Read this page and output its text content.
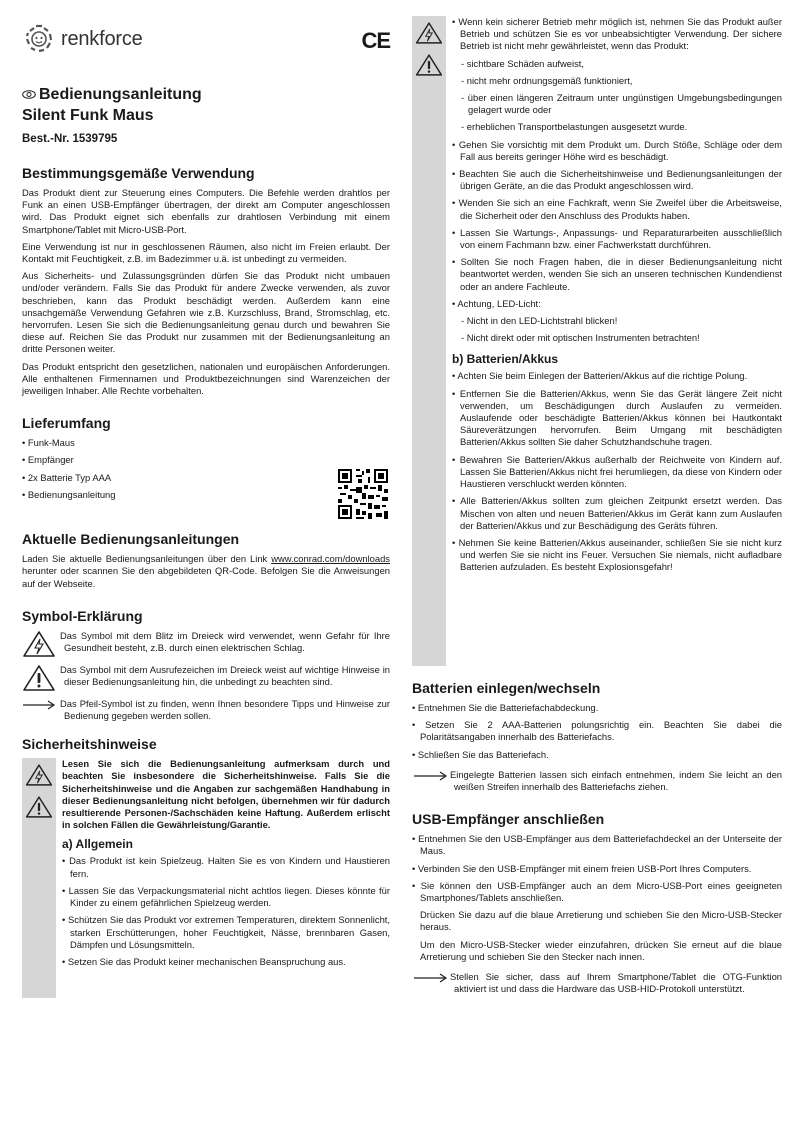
renkforce	CE
Bedienungsanleitung
Silent Funk Maus
Best.-Nr. 1539795
Bestimmungsgemäße Verwendung

Das Produkt dient zur Steuerung eines Computers. Die Befehle werden drahtlos per Funk an einen USB-Empfänger übertragen, der direkt am Computer angeschlossen wird. Das Produkt eignet sich ebenfalls zur drahtlosen Verbindung mit einem Smartphone/Tablet mit Micro-USB-Port.

Eine Verwendung ist nur in geschlossenen Räumen, also nicht im Freien erlaubt. Der Kontakt mit Feuchtigkeit, z.B. im Badezimmer u.ä. ist unbedingt zu vermeiden.

Aus Sicherheits- und Zulassungsgründen dürfen Sie das Produkt nicht umbauen und/oder verändern. Falls Sie das Produkt für andere Zwecke verwenden, als zuvor beschrieben, kann das Produkt beschädigt werden. Außerdem kann eine unsachgemäße Verwendung Gefahren wie z.B. Kurzschluss, Brand, Stromschlag, etc. hervorrufen. Lesen Sie sich die Bedienungsanleitung genau durch und bewahren Sie diese auf. Reichen Sie das Produkt nur zusammen mit der Bedienungsanleitung an dritte Personen weiter.

Das Produkt entspricht den gesetzlichen, nationalen und europäischen Anforderungen. Alle enthaltenen Firmennamen und Produktbezeichnungen sind Warenzeichen der jeweiligen Inhaber. Alle Rechte vorbehalten.

Lieferumfang
• Funk-Maus
• Empfänger
• 2x Batterie Typ AAA
• Bedienungsanleitung
Aktuelle Bedienungsanleitungen

Laden Sie aktuelle Bedienungsanleitungen über den Link www.conrad.com/downloads herunter oder scannen Sie den abgebildeten QR-Code. Befolgen Sie die Anweisungen auf der Webseite.

Symbol-Erklärung
Das Symbol mit dem Blitz im Dreieck wird verwendet, wenn Gefahr für Ihre Gesundheit besteht, z.B. durch einen elektrischen Schlag.
Das Symbol mit dem Ausrufezeichen im Dreieck weist auf wichtige Hinweise in dieser Bedienungsanleitung hin, die unbedingt zu beachten sind.
Das Pfeil-Symbol ist zu finden, wenn Ihnen besondere Tipps und Hinweise zur Bedienung gegeben werden sollen.
Sicherheitshinweise

Lesen Sie sich die Bedienungsanleitung aufmerksam durch und beachten Sie insbesondere die Sicherheitshinweise. Falls Sie die Sicherheitshinweise und die Angaben zur sachgemäßen Handhabung in dieser Bedienungsanleitung nicht befolgen, übernehmen wir für dadurch resultierende Personen-/Sachschäden keine Haftung. Außerdem erlischt in solchen Fällen die Gewährleistung/Garantie.

a) Allgemein
• Das Produkt ist kein Spielzeug. Halten Sie es von Kindern und Haustieren fern.
• Lassen Sie das Verpackungsmaterial nicht achtlos liegen. Dieses könnte für Kinder zu einem gefährlichen Spielzeug werden.
• Schützen Sie das Produkt vor extremen Temperaturen, direktem Sonnenlicht, starken Erschütterungen, hoher Feuchtigkeit, Nässe, brennbaren Gasen, Dämpfen und Lösungsmitteln.
• Setzen Sie das Produkt keiner mechanischen Beanspruchung aus.
• Wenn kein sicherer Betrieb mehr möglich ist, nehmen Sie das Produkt außer Betrieb und schützen Sie es vor unbeabsichtigter Verwendung. Der sichere Betrieb ist nicht mehr gewährleistet, wenn das Produkt:
- sichtbare Schäden aufweist,
- nicht mehr ordnungsgemäß funktioniert,
- über einen längeren Zeitraum unter ungünstigen Umgebungsbedingungen gelagert wurde oder
- erheblichen Transportbelastungen ausgesetzt wurde.
• Gehen Sie vorsichtig mit dem Produkt um. Durch Stöße, Schläge oder dem Fall aus bereits geringer Höhe wird es beschädigt.
• Beachten Sie auch die Sicherheitshinweise und Bedienungsanleitungen der übrigen Geräte, an die das Produkt angeschlossen wird.
• Wenden Sie sich an eine Fachkraft, wenn Sie Zweifel über die Arbeitsweise, die Sicherheit oder den Anschluss des Produkts haben.
• Lassen Sie Wartungs-, Anpassungs- und Reparaturarbeiten ausschließlich von einem Fachmann bzw. einer Fachwerkstatt durchführen.
• Sollten Sie noch Fragen haben, die in dieser Bedienungsanleitung nicht beantwortet werden, wenden Sie sich an unseren technischen Kundendienst oder an andere Fachleute.
• Achtung, LED-Licht:
- Nicht in den LED-Lichtstrahl blicken!
- Nicht direkt oder mit optischen Instrumenten betrachten!
b) Batterien/Akkus
• Achten Sie beim Einlegen der Batterien/Akkus auf die richtige Polung.
• Entfernen Sie die Batterien/Akkus, wenn Sie das Gerät längere Zeit nicht verwenden, um Beschädigungen durch Auslaufen zu vermeiden. Auslaufende oder beschädigte Batterien/Akkus können bei Hautkontakt Säureverätzungen hervorrufen. Beim Umgang mit beschädigten Batterien/Akkus sollten Sie daher Schutzhandschuhe tragen.
• Bewahren Sie Batterien/Akkus außerhalb der Reichweite von Kindern auf. Lassen Sie Batterien/Akkus nicht frei herumliegen, da diese von Kindern oder Haustieren verschluckt werden könnten.
• Alle Batterien/Akkus sollten zum gleichen Zeitpunkt ersetzt werden. Das Mischen von alten und neuen Batterien/Akkus im Gerät kann zum Auslaufen der Batterien/Akkus und zur Beschädigung des Geräts führen.
• Nehmen Sie keine Batterien/Akkus auseinander, schließen Sie sie nicht kurz und werfen Sie sie nicht ins Feuer. Versuchen Sie niemals, nicht aufladbare Batterien aufzuladen. Es besteht Explosionsgefahr!
Batterien einlegen/wechseln
• Entnehmen Sie die Batteriefachabdeckung.
• Setzen Sie 2 AAA-Batterien polungsrichtig ein. Beachten Sie dabei die Polaritätsangaben innerhalb des Batteriefachs.
• Schließen Sie das Batteriefach.
Eingelegte Batterien lassen sich einfach entnehmen, indem Sie leicht an den weißen Streifen innerhalb des Batteriefachs ziehen.
USB-Empfänger anschließen
• Entnehmen Sie den USB-Empfänger aus dem Batteriefachdeckel an der Unterseite der Maus.
• Verbinden Sie den USB-Empfänger mit einem freien USB-Port Ihres Computers.
• Sie können den USB-Empfänger auch an dem Micro-USB-Port eines geeigneten Smartphones/Tablets anschließen.

Drücken Sie dazu auf die blaue Arretierung und schieben Sie den Micro-USB-Stecker heraus.

Um den Micro-USB-Stecker wieder einzufahren, drücken Sie erneut auf die blaue Arretierung und schieben Sie den Stecker nach innen.

Stellen Sie sicher, dass auf Ihrem Smartphone/Tablet die OTG-Funktion aktiviert ist und dass die Hardware das USB-HID-Protokoll unterstützt.
